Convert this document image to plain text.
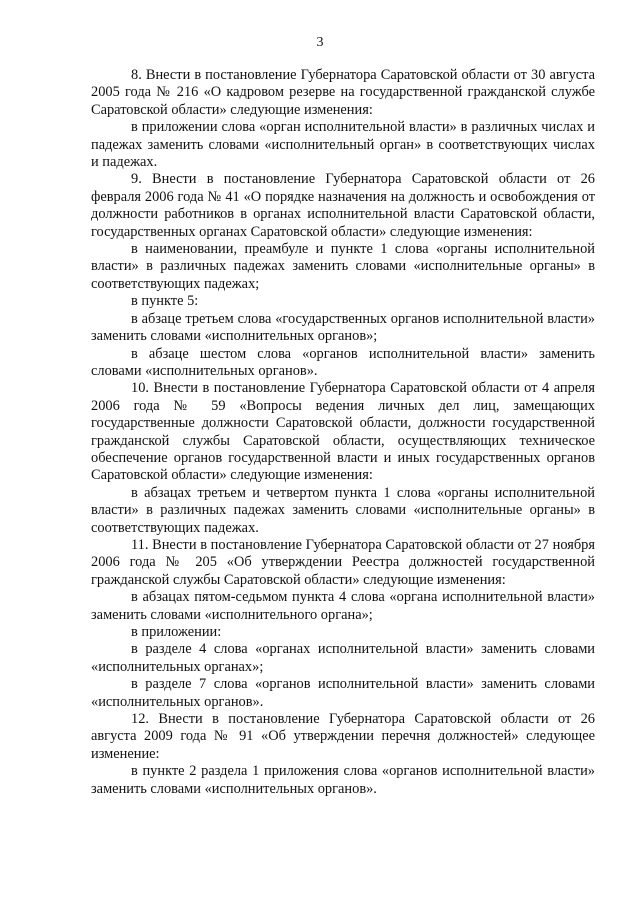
3

8. Внести в постановление Губернатора Саратовской области от 30 августа 2005 года № 216 «О кадровом резерве на государственной гражданской службе Саратовской области» следующие изменения:

в приложении слова «орган исполнительной власти» в различных числах и падежах заменить словами «исполнительный орган» в соответствующих числах и падежах.

9. Внести в постановление Губернатора Саратовской области от 26 февраля 2006 года № 41 «О порядке назначения на должность и освобождения от должности работников в органах исполнительной власти Саратовской области, государственных органах Саратовской области» следующие изменения:

в наименовании, преамбуле и пункте 1 слова «органы исполнительной власти» в различных падежах заменить словами «исполнительные органы» в соответствующих падежах;

в пункте 5:

в абзаце третьем слова «государственных органов исполнительной власти» заменить словами «исполнительных органов»;

в абзаце шестом слова «органов исполнительной власти» заменить словами «исполнительных органов».

10. Внести в постановление Губернатора Саратовской области от 4 апреля 2006 года № 59 «Вопросы ведения личных дел лиц, замещающих государственные должности Саратовской области, должности государственной гражданской службы Саратовской области, осуществляющих техническое обеспечение органов государственной власти и иных государственных органов Саратовской области» следующие изменения:

в абзацах третьем и четвертом пункта 1 слова «органы исполнительной власти» в различных падежах заменить словами «исполнительные органы» в соответствующих падежах.

11. Внести в постановление Губернатора Саратовской области от 27 ноября 2006 года № 205 «Об утверждении Реестра должностей государственной гражданской службы Саратовской области» следующие изменения:

в абзацах пятом-седьмом пункта 4 слова «органа исполнительной власти» заменить словами «исполнительного органа»;

в приложении:

в разделе 4 слова «органах исполнительной власти» заменить словами «исполнительных органах»;

в разделе 7 слова «органов исполнительной власти» заменить словами «исполнительных органов».

12. Внести в постановление Губернатора Саратовской области от 26 августа 2009 года № 91 «Об утверждении перечня должностей» следующее изменение:

в пункте 2 раздела 1 приложения слова «органов исполнительной власти» заменить словами «исполнительных органов».
